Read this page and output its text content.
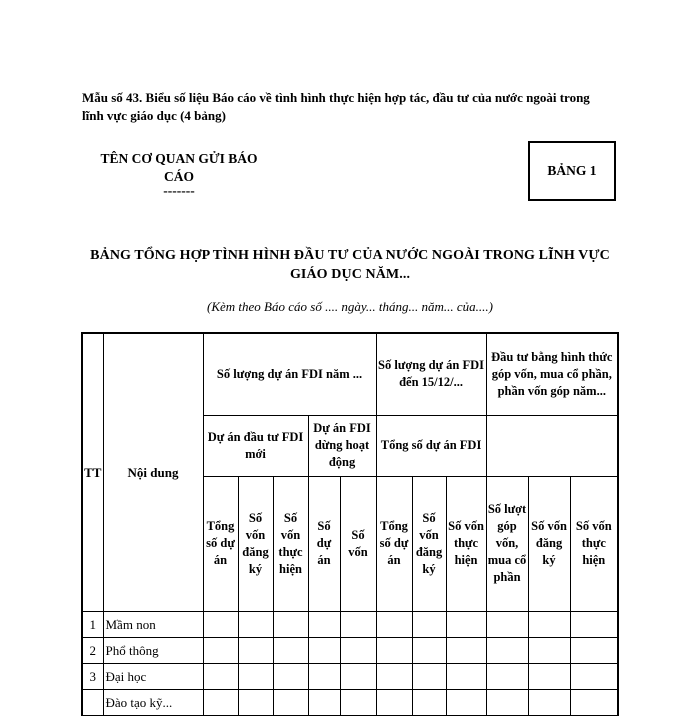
Mẫu số 43. Biểu số liệu Báo cáo về tình hình thực hiện hợp tác, đầu tư của nước ngoài trong lĩnh vực giáo dục (4 bảng)
TÊN CƠ QUAN GỬI BÁO CÁO
-------
BẢNG 1
BẢNG TỔNG HỢP TÌNH HÌNH ĐẦU TƯ CỦA NƯỚC NGOÀI TRONG LĨNH VỰC GIÁO DỤC NĂM...
(Kèm theo Báo cáo số .... ngày... tháng... năm... của....)
TT	Nội dung	Số lượng dự án FDI năm ...					Số lượng dự án FDI đến 15/12/...			Đầu tư bằng hình thức góp vốn, mua cổ phần, phần vốn góp năm...		
		Dự án đầu tư FDI mới			Dự án FDI dừng hoạt động		Tổng số dự án FDI					
		Tổng số dự án	Số vốn đăng ký	Số vốn thực hiện	Số dự án	Số vốn	Tổng số dự án	Số vốn đăng ký	Số vốn thực hiện	Số lượt góp vốn, mua cổ phần	Số vốn đăng ký	Số vốn thực hiện
1	Mầm non											
2	Phổ thông											
3	Đại học											
	Đào tạo kỹ...											
